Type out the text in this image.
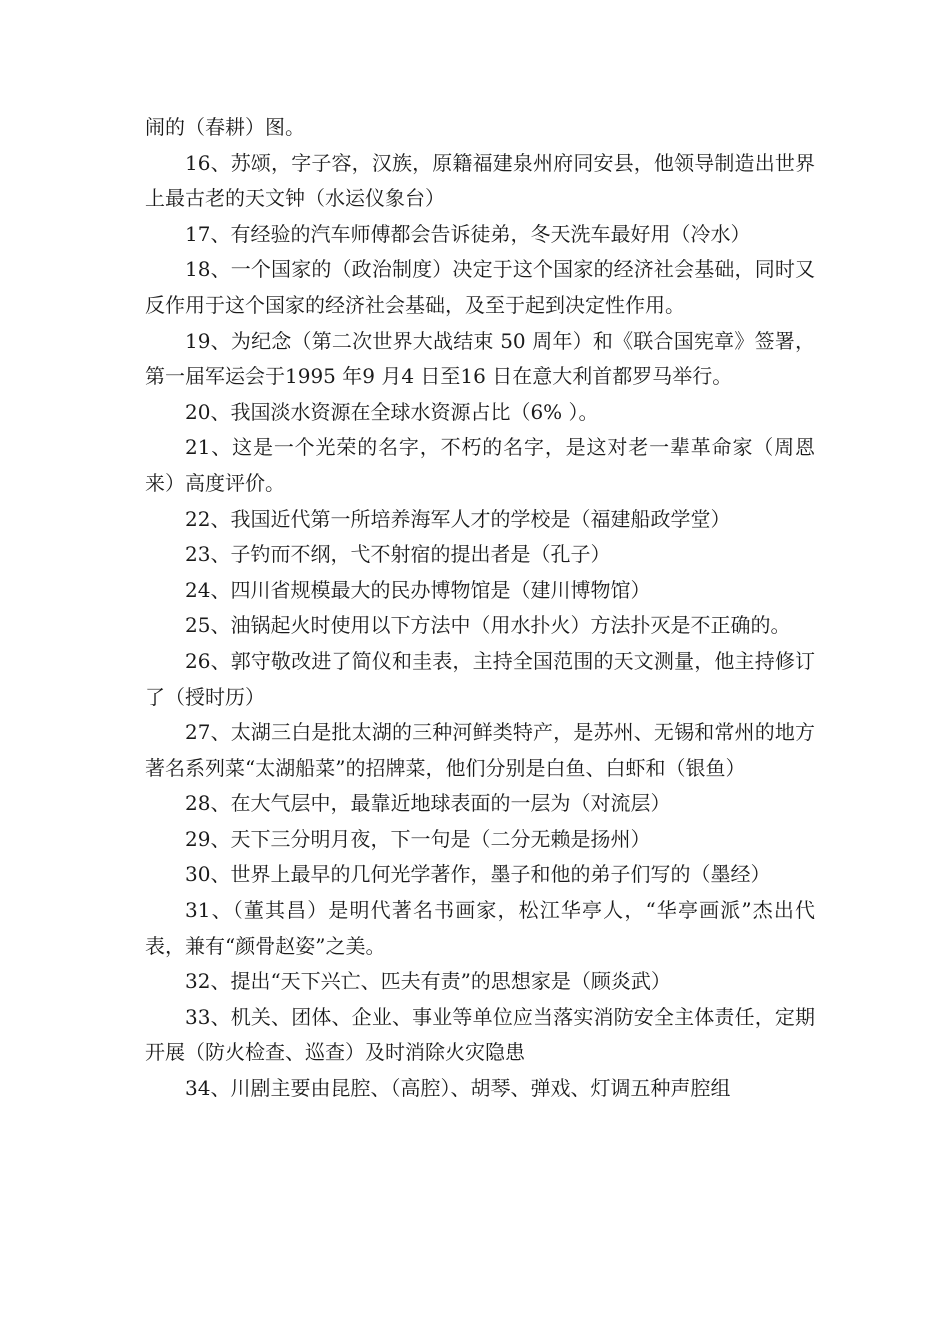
闹的（春耕）图。

16、苏颂，字子容，汉族，原籍福建泉州府同安县，他领导制造出世界上最古老的天文钟（水运仪象台）

17、有经验的汽车师傅都会告诉徒弟，冬天洗车最好用（冷水）

18、一个国家的（政治制度）决定于这个国家的经济社会基础，同时又反作用于这个国家的经济社会基础，及至于起到决定性作用。

19、为纪念（第二次世界大战结束 50 周年）和《联合国宪章》签署，第一届军运会于1995 年9 月4 日至16 日在意大利首都罗马举行。

20、我国淡水资源在全球水资源占比（6% ）。

21、这是一个光荣的名字，不朽的名字，是这对老一辈革命家（周恩来）高度评价。

22、我国近代第一所培养海军人才的学校是（福建船政学堂）

23、子钓而不纲，弋不射宿的提出者是（孔子）

24、四川省规模最大的民办博物馆是（建川博物馆）

25、油锅起火时使用以下方法中（用水扑火）方法扑灭是不正确的。

26、郭守敬改进了简仪和圭表，主持全国范围的天文测量，他主持修订了（授时历）

27、太湖三白是批太湖的三种河鲜类特产，是苏州、无锡和常州的地方著名系列菜“太湖船菜”的招牌菜，他们分别是白鱼、白虾和（银鱼）

28、在大气层中，最靠近地球表面的一层为（对流层）

29、天下三分明月夜，下一句是（二分无赖是扬州）

30、世界上最早的几何光学著作，墨子和他的弟子们写的（墨经）

31、（董其昌）是明代著名书画家，松江华亭人，“华亭画派”杰出代表，兼有“颜骨赵姿”之美。

32、提出“天下兴亡、匹夫有责”的思想家是（顾炎武）

33、机关、团体、企业、事业等单位应当落实消防安全主体责任，定期开展（防火检查、巡查）及时消除火灾隐患

34、川剧主要由昆腔、（高腔）、胡琴、弹戏、灯调五种声腔组
